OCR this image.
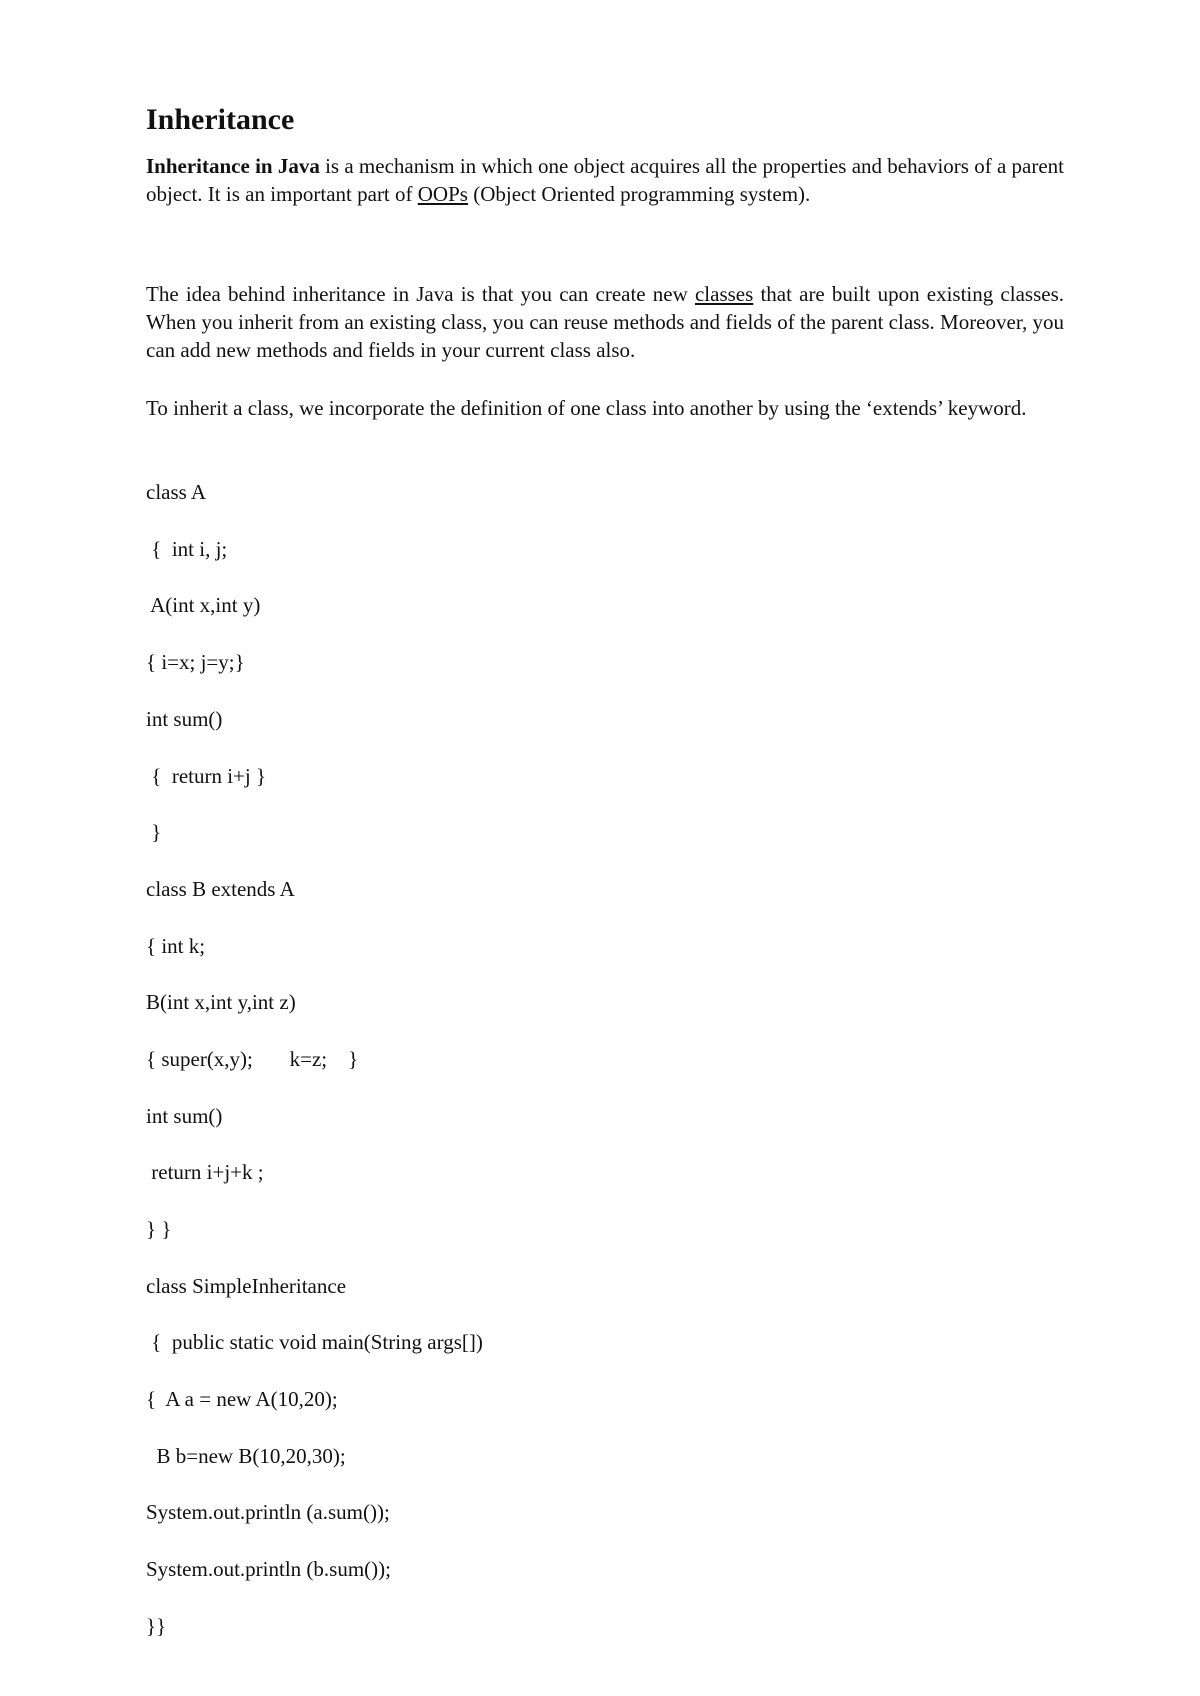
Inheritance

Inheritance in Java is a mechanism in which one object acquires all the properties and behaviors of a parent object. It is an important part of OOPs (Object Oriented programming system).

The idea behind inheritance in Java is that you can create new classes that are built upon existing classes. When you inherit from an existing class, you can reuse methods and fields of the parent class. Moreover, you can add new methods and fields in your current class also.

To inherit a class, we incorporate the definition of one class into another by using the ‘extends’ keyword.

class A

{  int i, j;

A(int x,int y)

{ i=x; j=y;}

int sum()

{  return i+j }

}

class B extends A

{ int k;

B(int x,int y,int z)

{ super(x,y);       k=z;    }

int sum()

return i+j+k ;

} }

class SimpleInheritance

{  public static void main(String args[])

{  A a = new A(10,20);

B b=new B(10,20,30);

System.out.println (a.sum());

System.out.println (b.sum());

}}
